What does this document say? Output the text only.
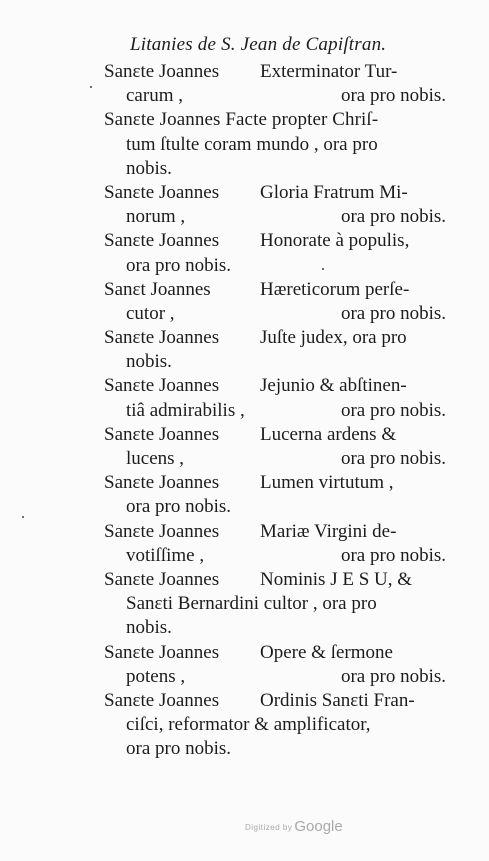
Litanies de S. Jean de Capiſtran.
Sanɛte Joannes Exterminator Tur-
carum ,	ora pro nobis.
Sanɛte Joannes Facte propter Chriſ-
tum ſtulte coram mundo , ora pro
nobis.
Sanɛte Joannes Gloria Fratrum Mi-
norum ,	ora pro nobis.
Sanɛte Joannes Honorate à populis,
ora pro nobis.
Sanɛt Joannes	Hæreticorum perſe-
cutor ,	ora pro nobis.
Sanɛte Joannes Juſte judex, ora pro
nobis.
Sanɛte Joannes Jejunio & abſtinen-
tiâ admirabilis ,	ora pro nobis.
Sanɛte Joannes Lucerna ardens &
lucens ,	ora pro nobis.
Sanɛte Joannes Lumen virtutum ,
ora pro nobis.
Sanɛte Joannes Mariæ Virgini de-
votiſſime ,	ora pro nobis.
Sanɛte Joannes Nominis J E S U, &
Sanɛti Bernardini cultor , ora pro
nobis.
Sanɛte Joannes Opere & ſermone
potens ,	ora pro nobis.
Sanɛte Joannes Ordinis Sanɛti Fran-
ciſci, reformator & amplificator,
ora pro nobis.
Digitized by Google
